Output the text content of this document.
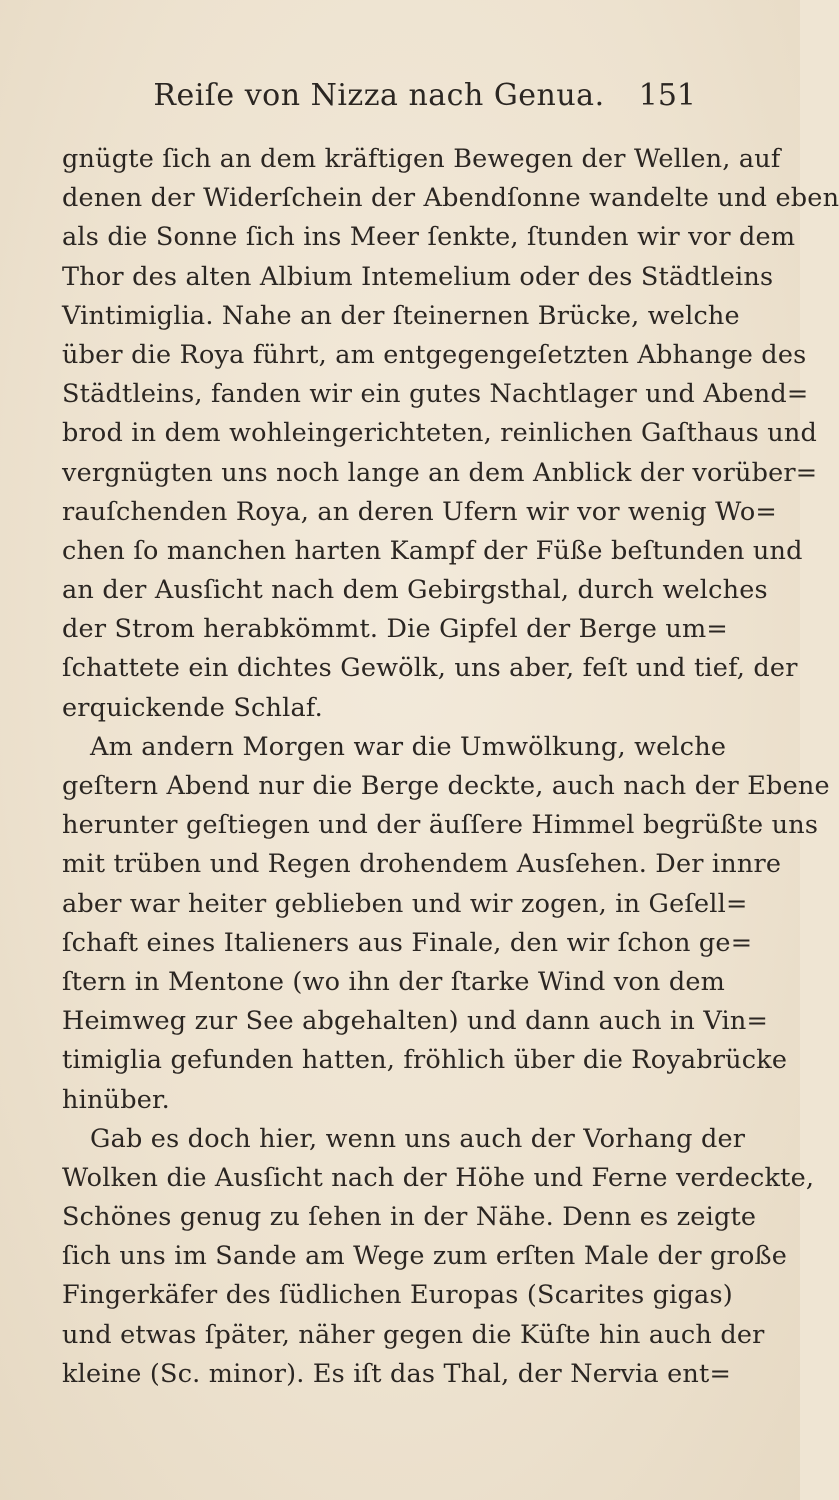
Reiſe von Nizza nach Genua.	151
gnügte ſich an dem kräftigen Bewegen der Wellen, auf
denen der Widerſchein der Abendſonne wandelte und eben
als die Sonne ſich ins Meer ſenkte, ſtunden wir vor dem
Thor des alten Albium Intemelium oder des Städtleins
Vintimiglia. Nahe an der ſteinernen Brücke, welche
über die Roya führt, am entgegengeſetzten Abhange des
Städtleins, fanden wir ein gutes Nachtlager und Abend=
brod in dem wohleingerichteten, reinlichen Gaſthaus und
vergnügten uns noch lange an dem Anblick der vorüber=
rauſchenden Roya, an deren Ufern wir vor wenig Wo=
chen ſo manchen harten Kampf der Füße beſtunden und
an der Ausſicht nach dem Gebirgsthal, durch welches
der Strom herabkömmt. Die Gipfel der Berge um=
ſchattete ein dichtes Gewölk, uns aber, feſt und tief, der
erquickende Schlaf.
Am andern Morgen war die Umwölkung, welche
geſtern Abend nur die Berge deckte, auch nach der Ebene
herunter geſtiegen und der äuſſere Himmel begrüßte uns
mit trüben und Regen drohendem Ausſehen. Der innre
aber war heiter geblieben und wir zogen, in Geſell=
ſchaft eines Italieners aus Finale, den wir ſchon ge=
ſtern in Mentone (wo ihn der ſtarke Wind von dem
Heimweg zur See abgehalten) und dann auch in Vin=
timiglia gefunden hatten, fröhlich über die Royabrücke
hinüber.
Gab es doch hier, wenn uns auch der Vorhang der
Wolken die Ausſicht nach der Höhe und Ferne verdeckte,
Schönes genug zu ſehen in der Nähe. Denn es zeigte
ſich uns im Sande am Wege zum erſten Male der große
Fingerkäfer des ſüdlichen Europas (Scarites gigas)
und etwas ſpäter, näher gegen die Küſte hin auch der
kleine (Sc. minor). Es iſt das Thal, der Nervia ent=
